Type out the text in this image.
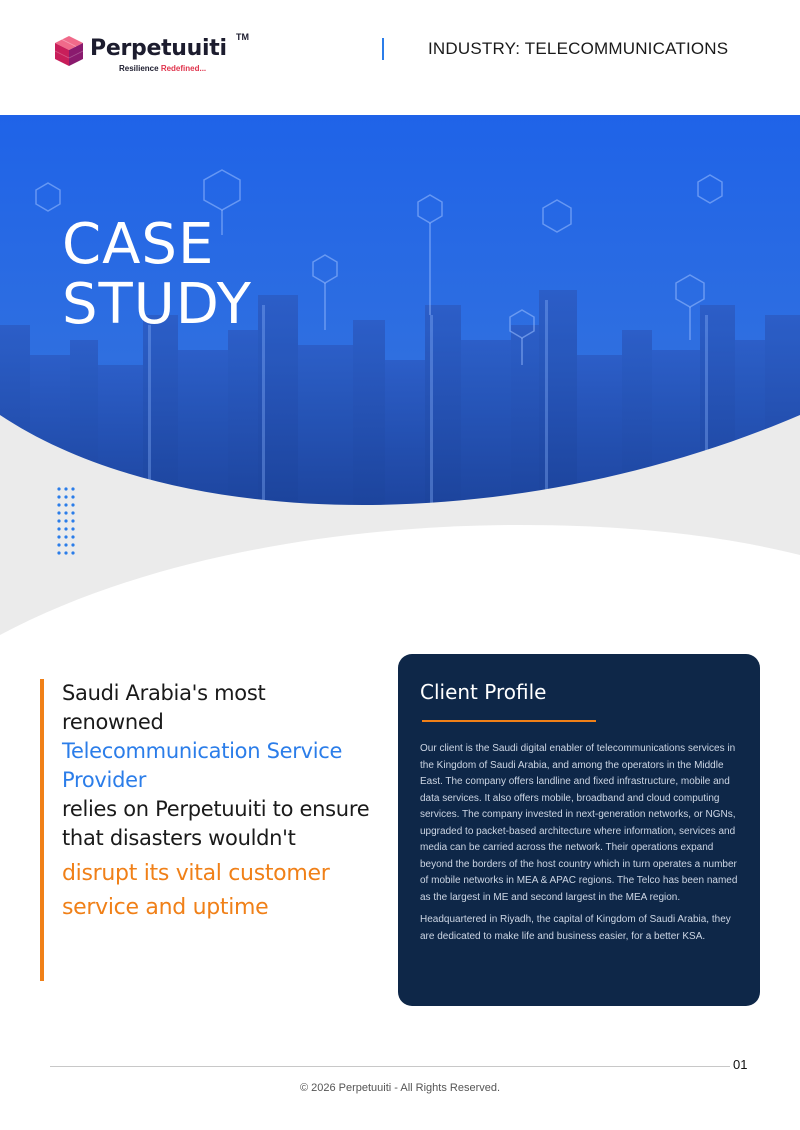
Perpetuuiti TM
Resilience Redefined...
INDUSTRY: TELECOMMUNICATIONS
CASE
STUDY
Saudi Arabia's most renowned
Telecommunication Service Provider
relies on Perpetuuiti to ensure that disasters wouldn't
disrupt its vital customer service and uptime
Client Profile

Our client is the Saudi digital enabler of telecommunications services in the Kingdom of Saudi Arabia, and among the operators in the Middle East. The company offers landline and fixed infrastructure, mobile and data services. It also offers mobile, broadband and cloud computing services. The company invested in next-generation networks, or NGNs, upgraded to packet-based architecture where information, services and media can be carried across the network. Their operations expand beyond the borders of the host country which in turn operates a number of mobile networks in MEA & APAC regions. The Telco has been named as the largest in ME and second largest in the MEA region.

Headquartered in Riyadh, the capital of Kingdom of Saudi Arabia, they are dedicated to make life and business easier, for a better KSA.

01
© 2026 Perpetuuiti - All Rights Reserved.
